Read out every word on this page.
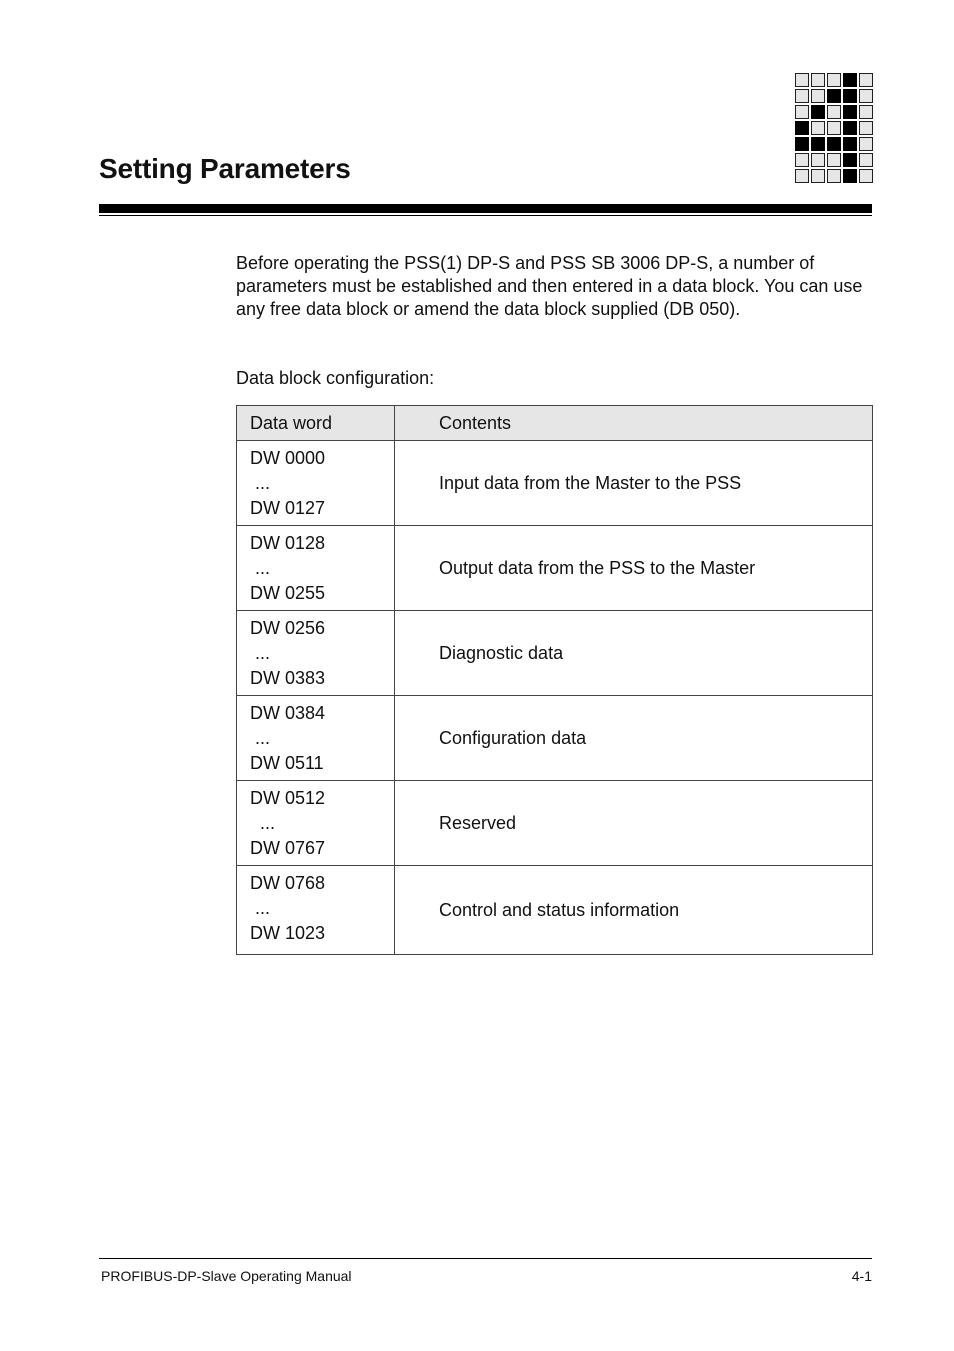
Setting Parameters

Before operating the PSS(1) DP-S and PSS SB 3006 DP-S, a number of parameters must be established and then entered in a data block. You can use any free data block or amend the data block supplied (DB 050).

Data block configuration:

Data word	Contents

DW 0000
...
DW 0127	Input data from the Master to the PSS

DW 0128
...
DW 0255	Output data from the PSS to the Master

DW 0256
...
DW 0383	Diagnostic data

DW 0384
...
DW 0511	Configuration data

DW 0512
...
DW 0767	Reserved

DW 0768
...
DW 1023	Control and status information
PROFIBUS-DP-Slave Operating Manual	4-1
